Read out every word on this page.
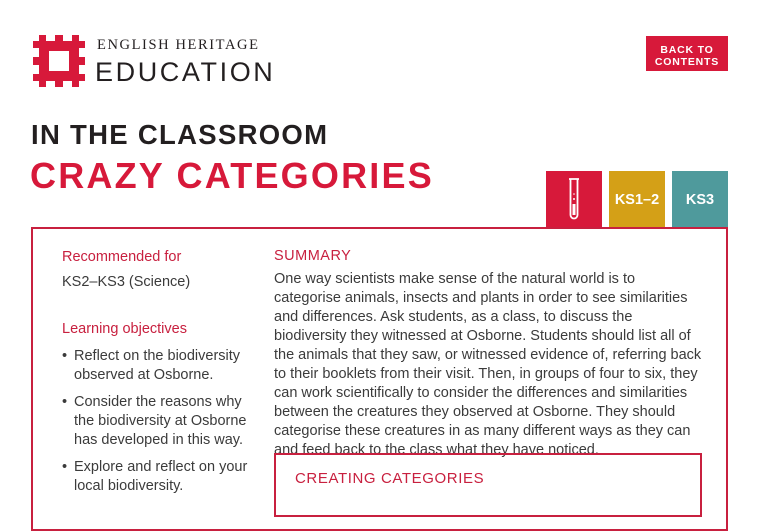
ENGLISH HERITAGE
EDUCATION
BACK TO CONTENTS
IN THE CLASSROOM
CRAZY CATEGORIES
KS1–2	KS3
Recommended for
KS2–KS3 (Science)
Learning objectives
• Reflect on the biodiversity observed at Osborne.
• Consider the reasons why the biodiversity at Osborne has developed in this way.
• Explore and reflect on your local biodiversity.
SUMMARY
One way scientists make sense of the natural world is to categorise animals, insects and plants in order to see similarities and differences. Ask students, as a class, to discuss the biodiversity they witnessed at Osborne. Students should list all of the animals that they saw, or witnessed evidence of, referring back to their booklets from their visit. Then, in groups of four to six, they can work scientifically to consider the differences and similarities between the creatures they observed at Osborne. They should categorise these creatures in as many different ways as they can and feed back to the class what they have noticed.
CREATING CATEGORIES
